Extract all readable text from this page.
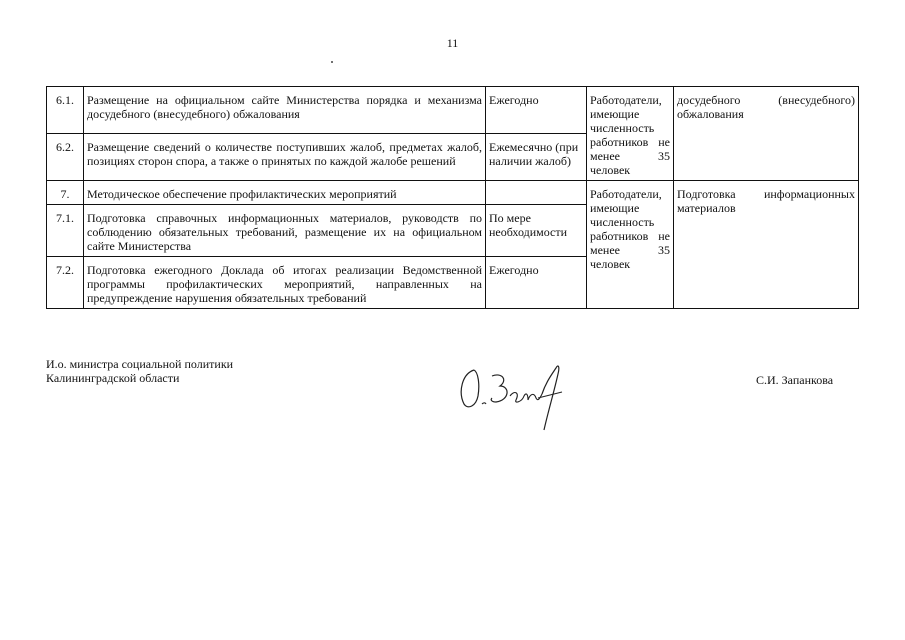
11
6.1.	Размещение на официальном сайте Министерства порядка и механизма досудебного (внесудебного) обжалования	Ежегодно	Работодатели, имеющие численность работников не менее 35 человек	досудебного (внесудебного) обжалования

6.2.	Размещение сведений о количестве поступивших жалоб, предметах жалоб, позициях сторон спора, а также о принятых по каждой жалобе решений	Ежемесячно (при наличии жалоб)		
7.	Методическое обеспечение профилактических мероприятий		Работодатели, имеющие численность работников не менее 35 человек	Подготовка информационных материалов

7.1.	Подготовка справочных информационных материалов, руководств по соблюдению обязательных требований, размещение их на официальном сайте Министерства	По мере необходимости		
7.2.	Подготовка ежегодного Доклада об итогах реализации Ведомственной программы профилактических мероприятий, направленных на предупреждение нарушения обязательных требований	Ежегодно		
И.о. министра социальной политики
Калининградской области	С.И. Запанкова
